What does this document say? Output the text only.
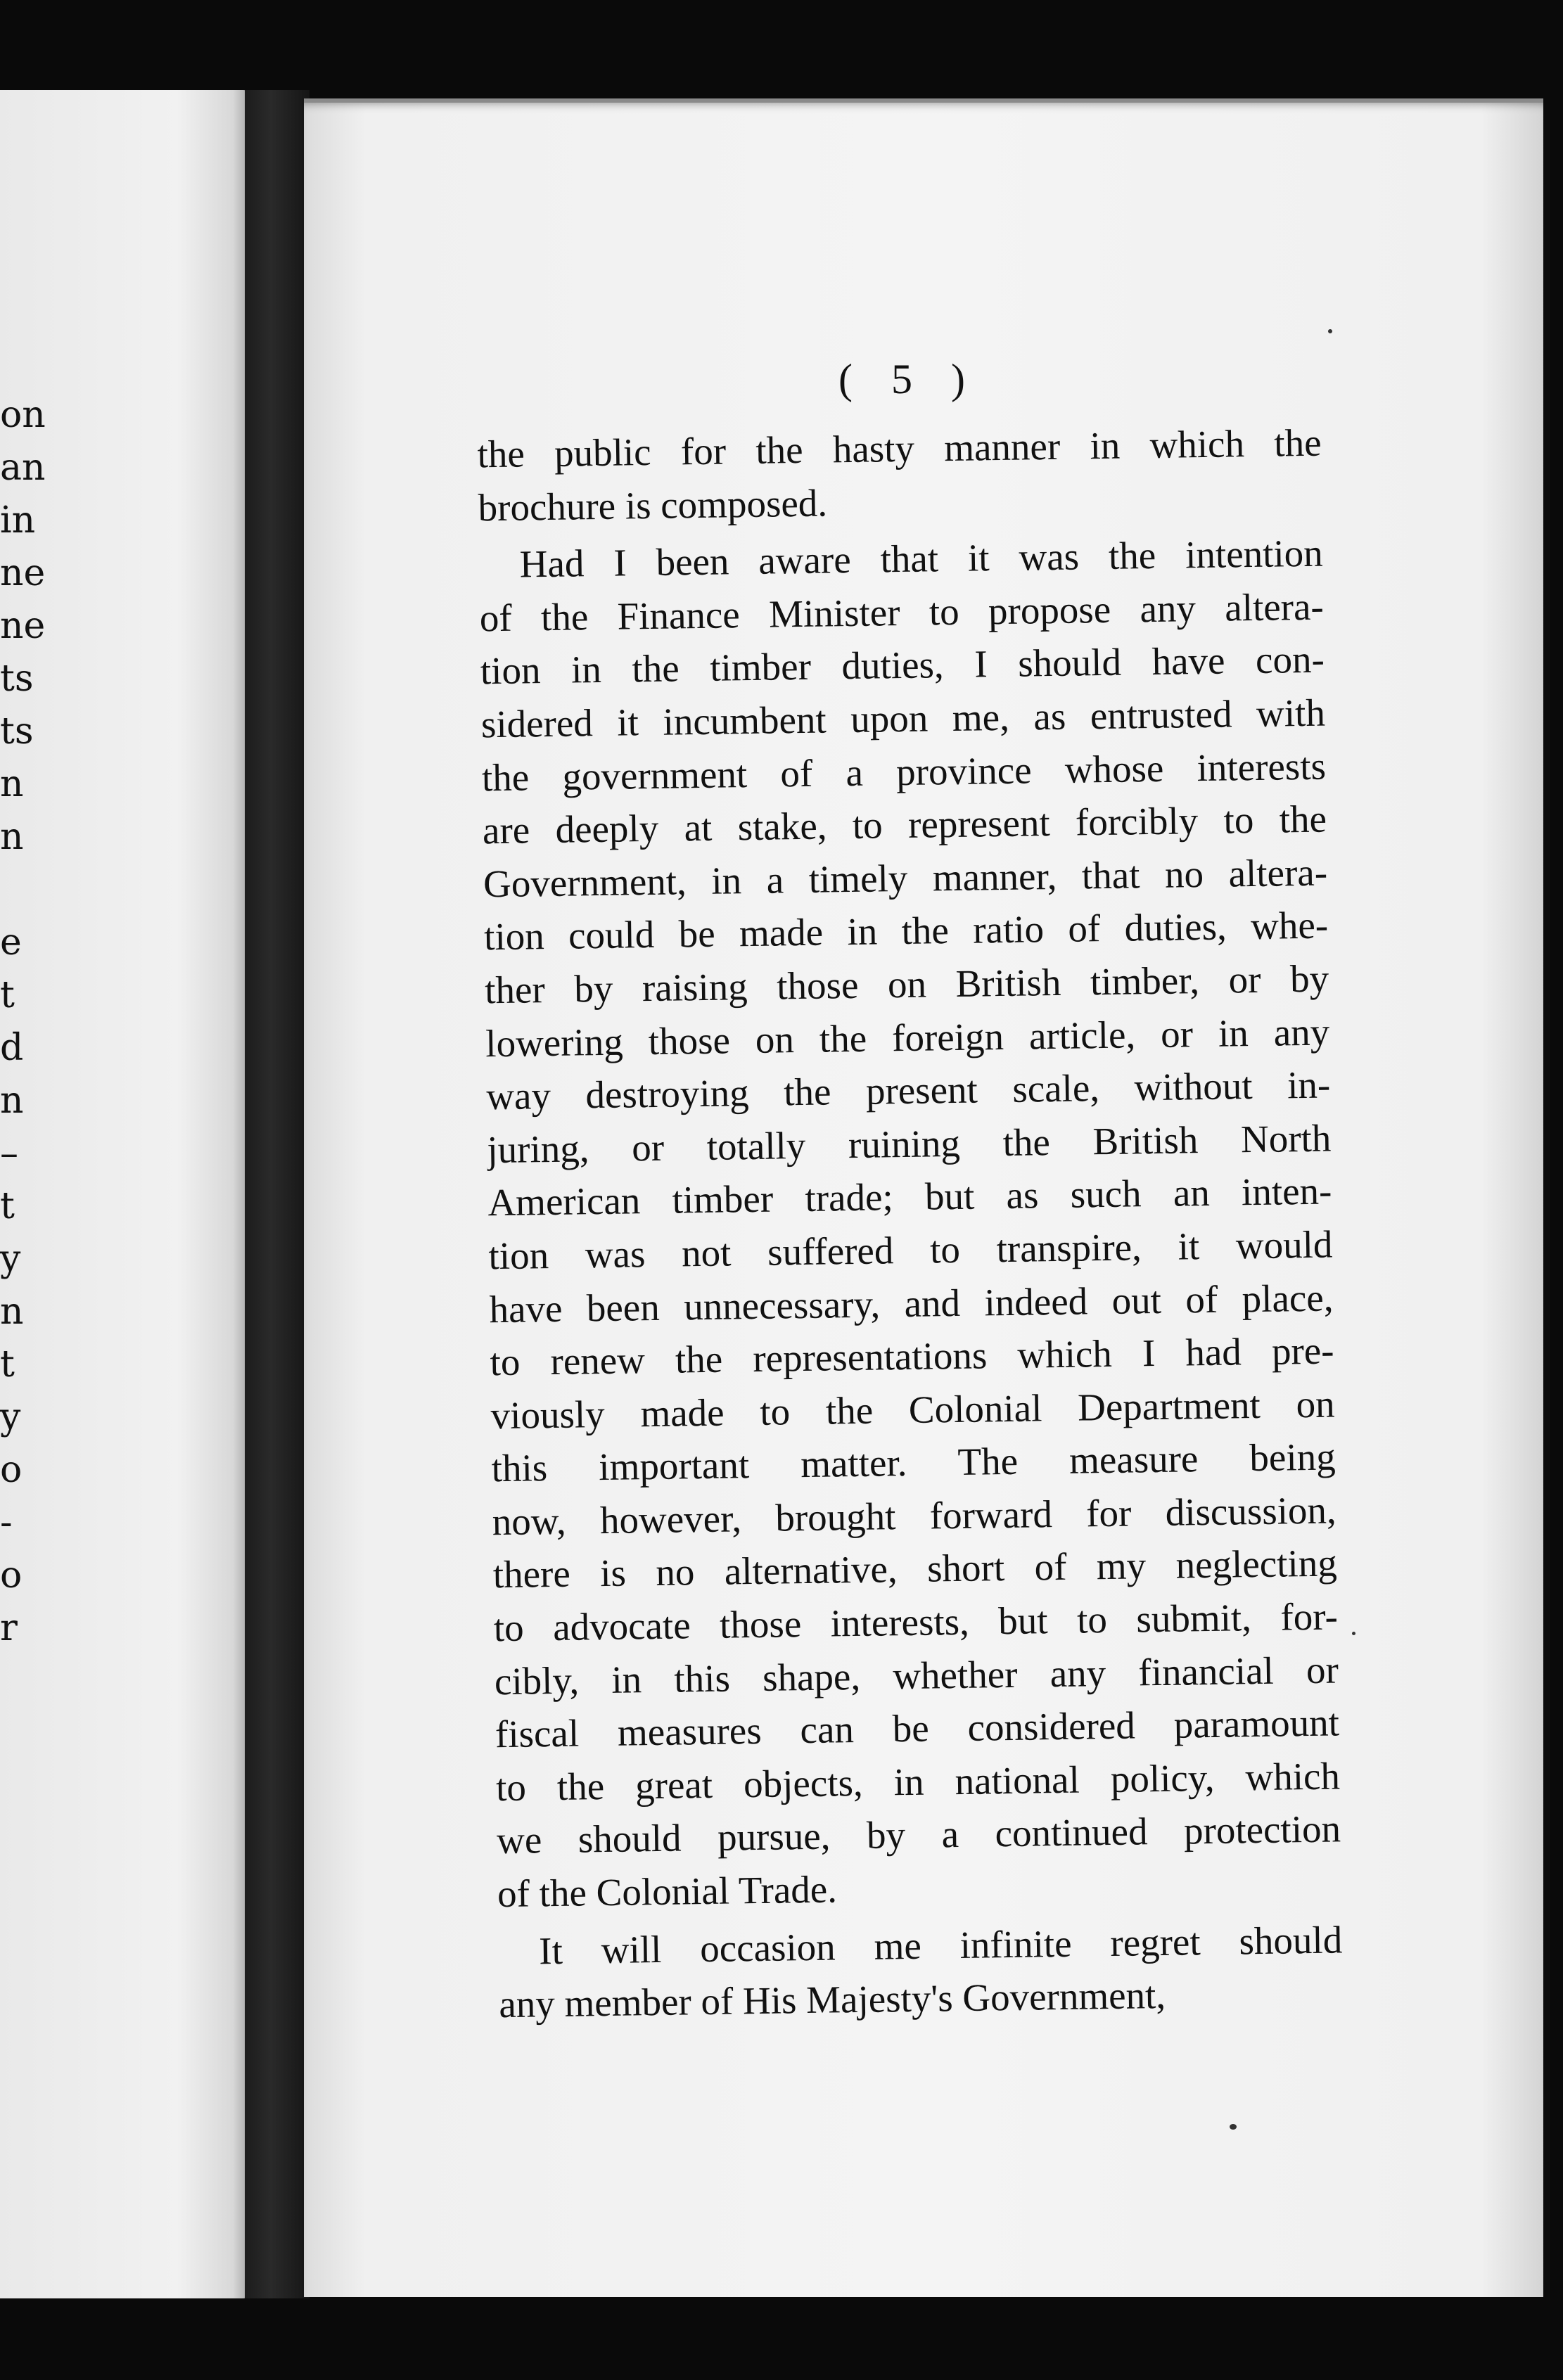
on
an
in
ne
ne
ts
ts
n
n
e
t
d
n
–
t
y
n
t
y
o
-
o
r
( 5 )
the public for the hasty manner in which the
brochure is composed.
Had I been aware that it was the intention
of the Finance Minister to propose any altera-
tion in the timber duties, I should have con-
sidered it incumbent upon me, as entrusted with
the government of a province whose interests
are deeply at stake, to represent forcibly to the
Government, in a timely manner, that no altera-
tion could be made in the ratio of duties, whe-
ther by raising those on British timber, or by
lowering those on the foreign article, or in any
way destroying the present scale, without in-
juring, or totally ruining the British North
American timber trade; but as such an inten-
tion was not suffered to transpire, it would
have been unnecessary, and indeed out of place,
to renew the representations which I had pre-
viously made to the Colonial Department on
this important matter. The measure being
now, however, brought forward for discussion,
there is no alternative, short of my neglecting
to advocate those interests, but to submit, for-
cibly, in this shape, whether any financial or
fiscal measures can be considered paramount
to the great objects, in national policy, which
we should pursue, by a continued protection
of the Colonial Trade.
It will occasion me infinite regret should
any member of His Majesty's Government,
